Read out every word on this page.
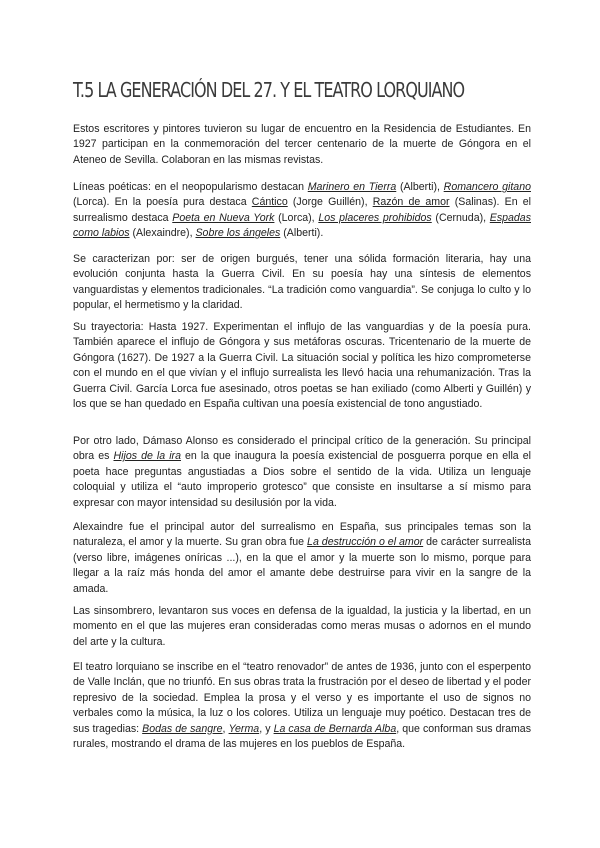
T.5 LA GENERACIÓN DEL 27. Y EL TEATRO LORQUIANO

Estos escritores y pintores tuvieron su lugar de encuentro en la Residencia de Estudiantes. En 1927 participan en la conmemoración del tercer centenario de la muerte de Góngora en el Ateneo de Sevilla. Colaboran en las mismas revistas.

Líneas poéticas: en el neopopularismo destacan Marinero en Tierra (Alberti), Romancero gitano (Lorca). En la poesía pura destaca Cántico (Jorge Guillén), Razón de amor (Salinas). En el surrealismo destaca Poeta en Nueva York (Lorca), Los placeres prohibidos (Cernuda), Espadas como labios (Alexaindre), Sobre los ángeles (Alberti).

Se caracterizan por: ser de origen burgués, tener una sólida formación literaria, hay una evolución conjunta hasta la Guerra Civil. En su poesía hay una síntesis de elementos vanguardistas y elementos tradicionales. “La tradición como vanguardia”. Se conjuga lo culto y lo popular, el hermetismo y la claridad.

Su trayectoria: Hasta 1927. Experimentan el influjo de las vanguardias y de la poesía pura. También aparece el influjo de Góngora y sus metáforas oscuras. Tricentenario de la muerte de Góngora (1627). De 1927 a la Guerra Civil. La situación social y política les hizo comprometerse con el mundo en el que vivían y el influjo surrealista les llevó hacia una rehumanización. Tras la Guerra Civil. García Lorca fue asesinado, otros poetas se han exiliado (como Alberti y Guillén) y los que se han quedado en España cultivan una poesía existencial de tono angustiado.

Por otro lado, Dámaso Alonso es considerado el principal crítico de la generación. Su principal obra es Hijos de la ira en la que inaugura la poesía existencial de posguerra porque en ella el poeta hace preguntas angustiadas a Dios sobre el sentido de la vida. Utiliza un lenguaje coloquial y utiliza el “auto improperio grotesco” que consiste en insultarse a sí mismo para expresar con mayor intensidad su desilusión por la vida.

Alexaindre fue el principal autor del surrealismo en España, sus principales temas son la naturaleza, el amor y la muerte. Su gran obra fue La destrucción o el amor de carácter surrealista (verso libre, imágenes oníricas ...), en la que el amor y la muerte son lo mismo, porque para llegar a la raíz más honda del amor el amante debe destruirse para vivir en la sangre de la amada.

Las sinsombrero, levantaron sus voces en defensa de la igualdad, la justicia y la libertad, en un momento en el que las mujeres eran consideradas como meras musas o adornos en el mundo del arte y la cultura.

El teatro lorquiano se inscribe en el “teatro renovador” de antes de 1936, junto con el esperpento de Valle Inclán, que no triunfó. En sus obras trata la frustración por el deseo de libertad y el poder represivo de la sociedad. Emplea la prosa y el verso y es importante el uso de signos no verbales como la música, la luz o los colores. Utiliza un lenguaje muy poético. Destacan tres de sus tragedias: Bodas de sangre, Yerma, y La casa de Bernarda Alba, que conforman sus dramas rurales, mostrando el drama de las mujeres en los pueblos de España.
